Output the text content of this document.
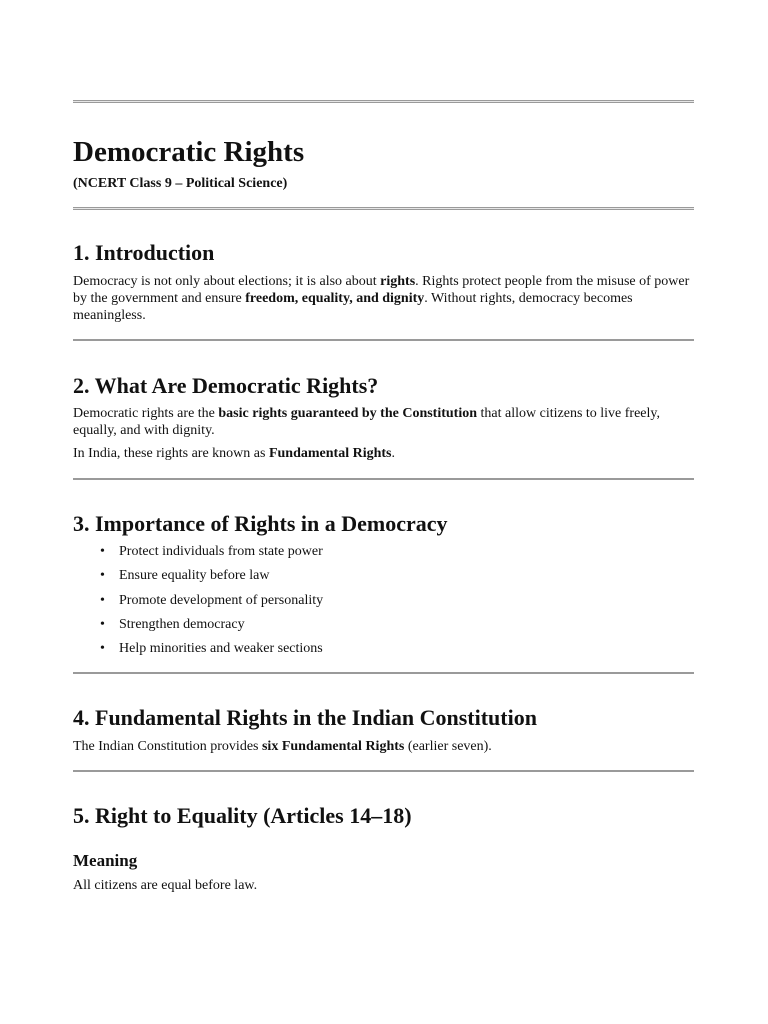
Democratic Rights
(NCERT Class 9 – Political Science)
1. Introduction

Democracy is not only about elections; it is also about rights. Rights protect people from the misuse of power by the government and ensure freedom, equality, and dignity. Without rights, democracy becomes meaningless.

2. What Are Democratic Rights?

Democratic rights are the basic rights guaranteed by the Constitution that allow citizens to live freely, equally, and with dignity.

In India, these rights are known as Fundamental Rights.

3. Importance of Rights in a Democracy
• Protect individuals from state power
• Ensure equality before law
• Promote development of personality
• Strengthen democracy
• Help minorities and weaker sections
4. Fundamental Rights in the Indian Constitution

The Indian Constitution provides six Fundamental Rights (earlier seven).

5. Right to Equality (Articles 14–18)
Meaning

All citizens are equal before law.
